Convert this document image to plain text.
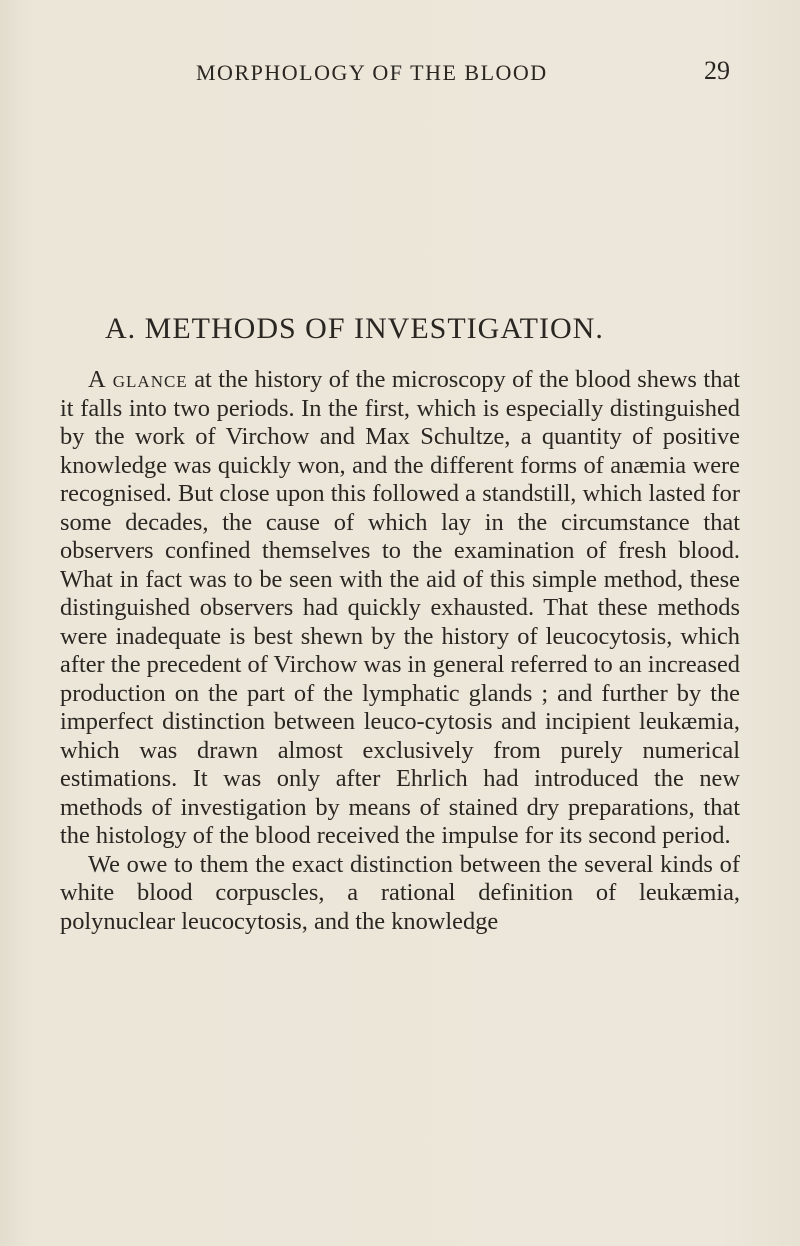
MORPHOLOGY OF THE BLOOD	29
A. METHODS OF INVESTIGATION.

A glance at the history of the microscopy of the blood shews that it falls into two periods. In the first, which is especially distinguished by the work of Virchow and Max Schultze, a quantity of positive knowledge was quickly won, and the different forms of anæmia were recognised. But close upon this followed a standstill, which lasted for some decades, the cause of which lay in the circumstance that observers confined themselves to the examination of fresh blood. What in fact was to be seen with the aid of this simple method, these distinguished observers had quickly exhausted. That these methods were inadequate is best shewn by the history of leucocytosis, which after the precedent of Virchow was in general referred to an increased production on the part of the lymphatic glands ; and further by the imperfect distinction between leuco-cytosis and incipient leukæmia, which was drawn almost exclusively from purely numerical estimations. It was only after Ehrlich had introduced the new methods of investigation by means of stained dry preparations, that the histology of the blood received the impulse for its second period.

We owe to them the exact distinction between the several kinds of white blood corpuscles, a rational definition of leukæmia, polynuclear leucocytosis, and the knowledge
